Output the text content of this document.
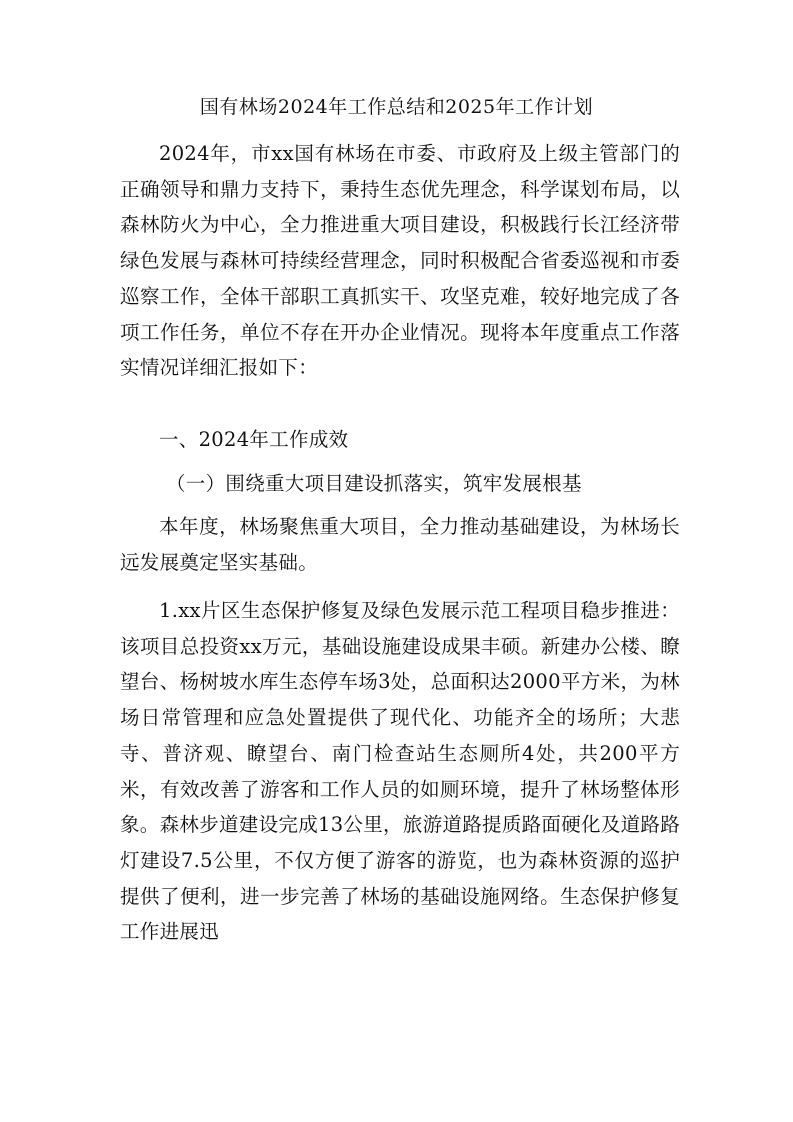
国有林场2024年工作总结和2025年工作计划
2024年，市xx国有林场在市委、市政府及上级主管部门的正确领导和鼎力支持下，秉持生态优先理念，科学谋划布局，以森林防火为中心，全力推进重大项目建设，积极践行长江经济带绿色发展与森林可持续经营理念，同时积极配合省委巡视和市委巡察工作，全体干部职工真抓实干、攻坚克难，较好地完成了各项工作任务，单位不存在开办企业情况。现将本年度重点工作落实情况详细汇报如下：
一、2024年工作成效
（一）围绕重大项目建设抓落实，筑牢发展根基
本年度，林场聚焦重大项目，全力推动基础建设，为林场长远发展奠定坚实基础。
1.xx片区生态保护修复及绿色发展示范工程项目稳步推进：该项目总投资xx万元，基础设施建设成果丰硕。新建办公楼、瞭望台、杨树坡水库生态停车场3处，总面积达2000平方米，为林场日常管理和应急处置提供了现代化、功能齐全的场所；大悲寺、普济观、瞭望台、南门检查站生态厕所4处，共200平方米，有效改善了游客和工作人员的如厕环境，提升了林场整体形象。森林步道建设完成13公里，旅游道路提质路面硬化及道路路灯建设7.5公里，不仅方便了游客的游览，也为森林资源的巡护提供了便利，进一步完善了林场的基础设施网络。生态保护修复工作进展迅
